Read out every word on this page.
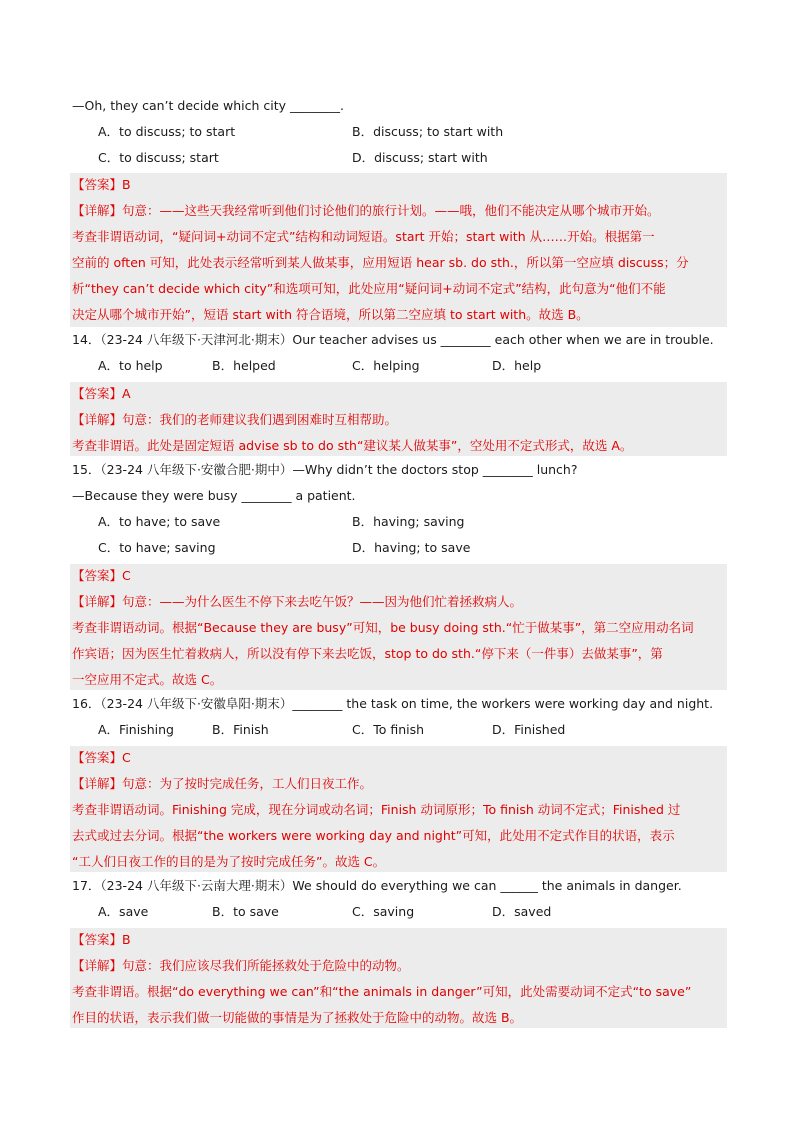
—Oh, they can’t decide which city ________.
A．to discuss; to start	B．discuss; to start with
C．to discuss; start	D．discuss; start with
【答案】B
【详解】句意：——这些天我经常听到他们讨论他们的旅行计划。——哦，他们不能决定从哪个城市开始。
考查非谓语动词，“疑问词+动词不定式”结构和动词短语。start 开始；start with 从……开始。根据第一
空前的 often 可知，此处表示经常听到某人做某事，应用短语 hear sb. do sth.，所以第一空应填 discuss；分
析“they can’t decide which city”和选项可知，此处应用“疑问词+动词不定式”结构，此句意为“他们不能
决定从哪个城市开始”，短语 start with 符合语境，所以第二空应填 to start with。故选 B。
14．（23-24 八年级下·天津河北·期末）Our teacher advises us ________ each other when we are in trouble.
A．to help	B．helped	C．helping	D．help
【答案】A
【详解】句意：我们的老师建议我们遇到困难时互相帮助。
考查非谓语。此处是固定短语 advise sb to do sth“建议某人做某事”，空处用不定式形式，故选 A。
15．（23-24 八年级下·安徽合肥·期中）—Why didn’t the doctors stop ________ lunch?
—Because they were busy ________ a patient.
A．to have; to save	B．having; saving
C．to have; saving	D．having; to save
【答案】C
【详解】句意：——为什么医生不停下来去吃午饭？——因为他们忙着拯救病人。
考查非谓语动词。根据“Because they are busy”可知，be busy doing sth.“忙于做某事”，第二空应用动名词
作宾语；因为医生忙着救病人，所以没有停下来去吃饭，stop to do sth.“停下来（一件事）去做某事”，第
一空应用不定式。故选 C。
16．（23-24 八年级下·安徽阜阳·期末）________ the task on time, the workers were working day and night.
A．Finishing	B．Finish	C．To finish	D．Finished
【答案】C
【详解】句意：为了按时完成任务，工人们日夜工作。
考查非谓语动词。Finishing 完成，现在分词或动名词；Finish 动词原形；To finish 动词不定式；Finished 过
去式或过去分词。根据“the workers were working day and night”可知，此处用不定式作目的状语，表示
“工人们日夜工作的目的是为了按时完成任务”。故选 C。
17．（23-24 八年级下·云南大理·期末）We should do everything we can ______ the animals in danger.
A．save	B．to save	C．saving	D．saved
【答案】B
【详解】句意：我们应该尽我们所能拯救处于危险中的动物。
考查非谓语。根据“do everything we can”和“the animals in danger”可知，此处需要动词不定式“to save”
作目的状语，表示我们做一切能做的事情是为了拯救处于危险中的动物。故选 B。
